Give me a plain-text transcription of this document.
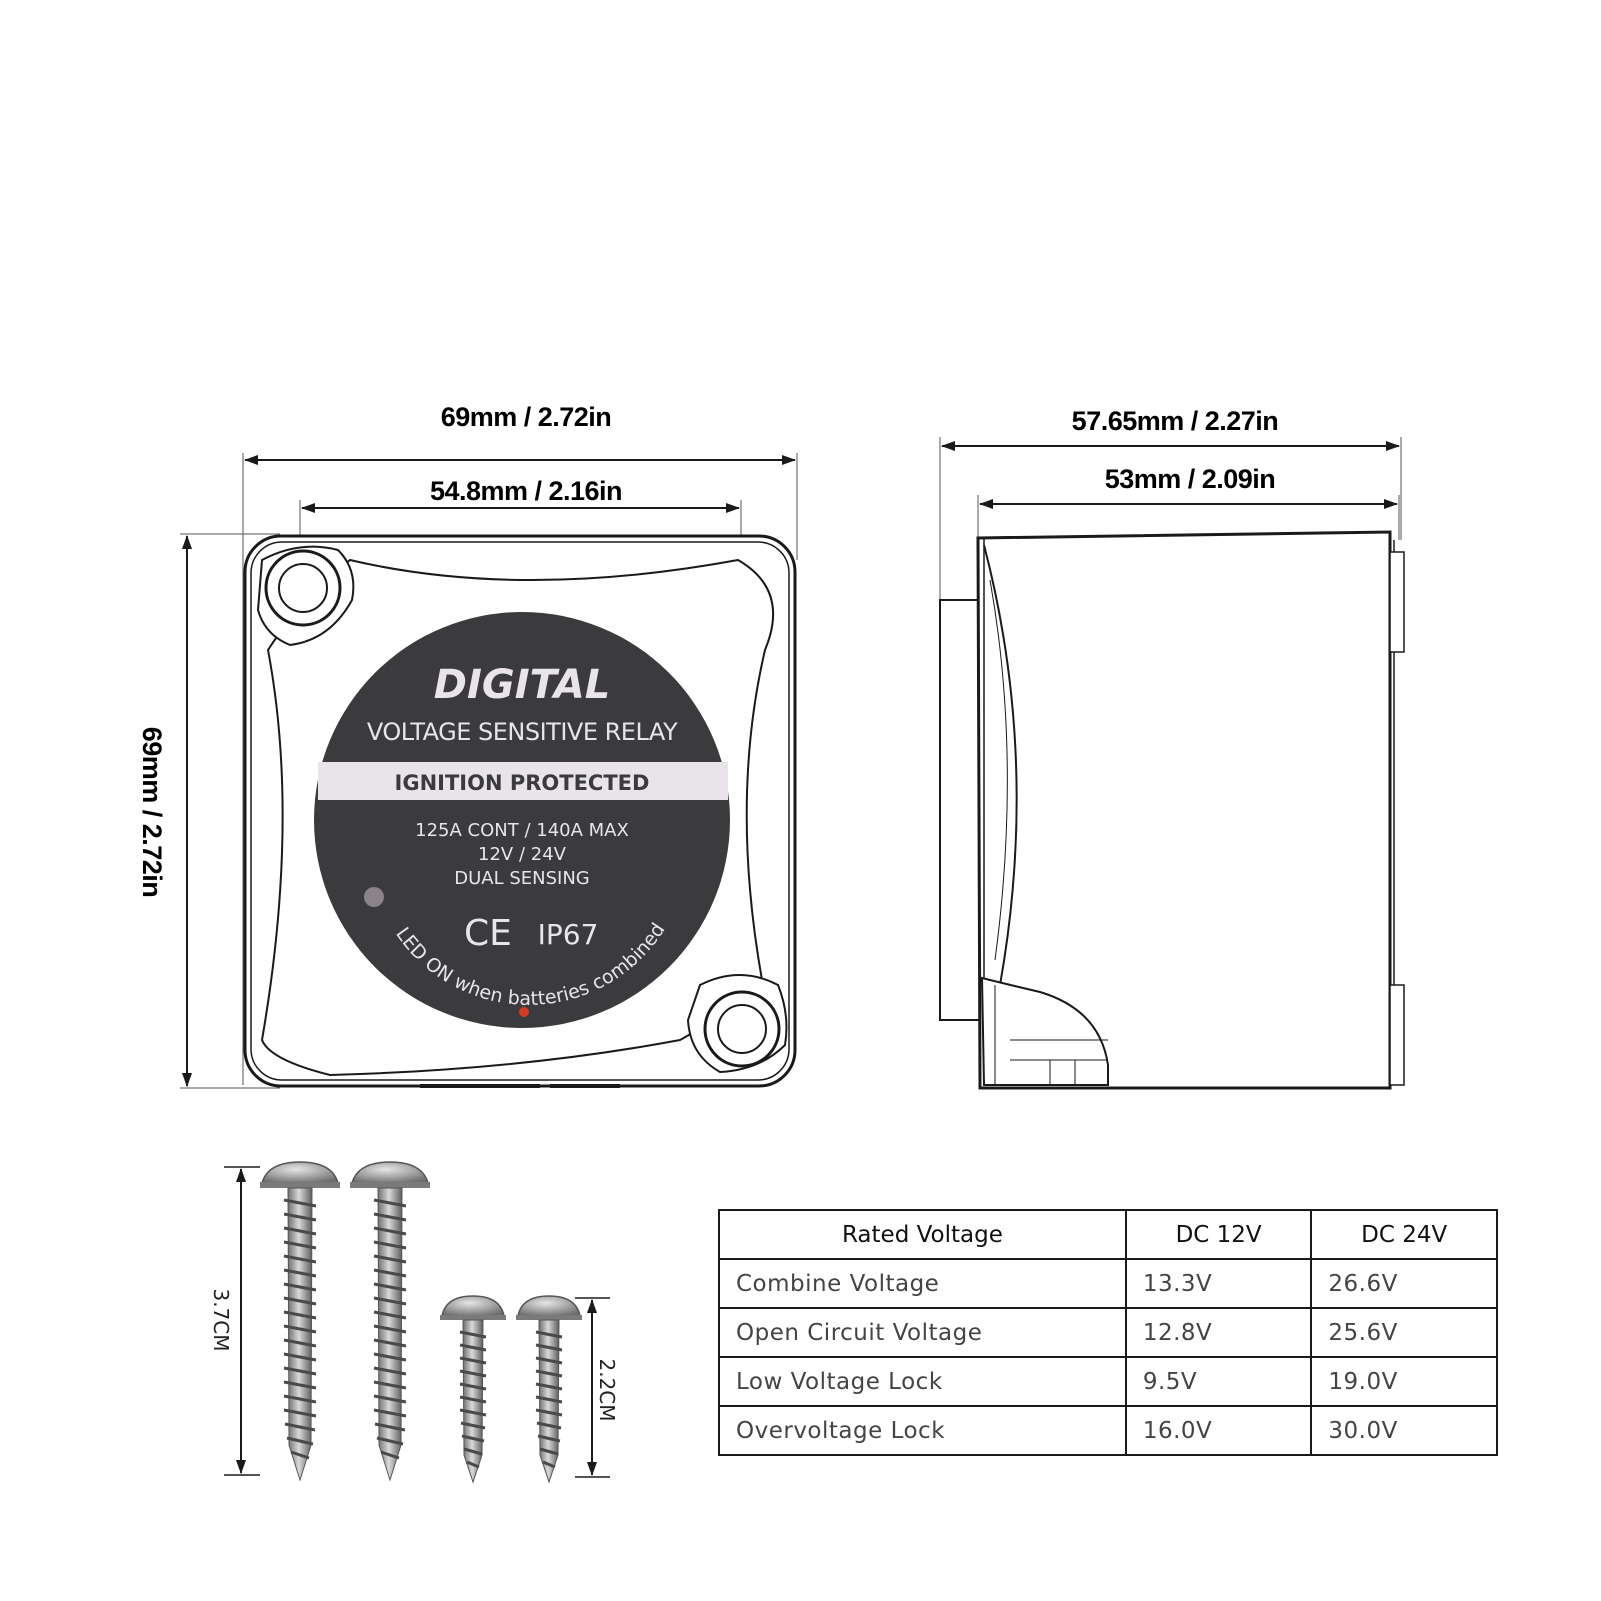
69mm / 2.72in
54.8mm / 2.16in
69mm / 2.72in
DIGITAL
VOLTAGE SENSITIVE RELAY
IGNITION PROTECTED
125A CONT / 140A MAX
12V / 24V
DUAL SENSING
CE IP67
LED ON when batteries combined
57.65mm / 2.27in
53mm / 2.09in
3.7CM
2.2CM
Rated Voltage	DC 12V	DC 24V
Combine Voltage	13.3V	26.6V
Open Circuit Voltage	12.8V	25.6V
Low Voltage Lock	9.5V	19.0V
Overvoltage Lock	16.0V	30.0V
